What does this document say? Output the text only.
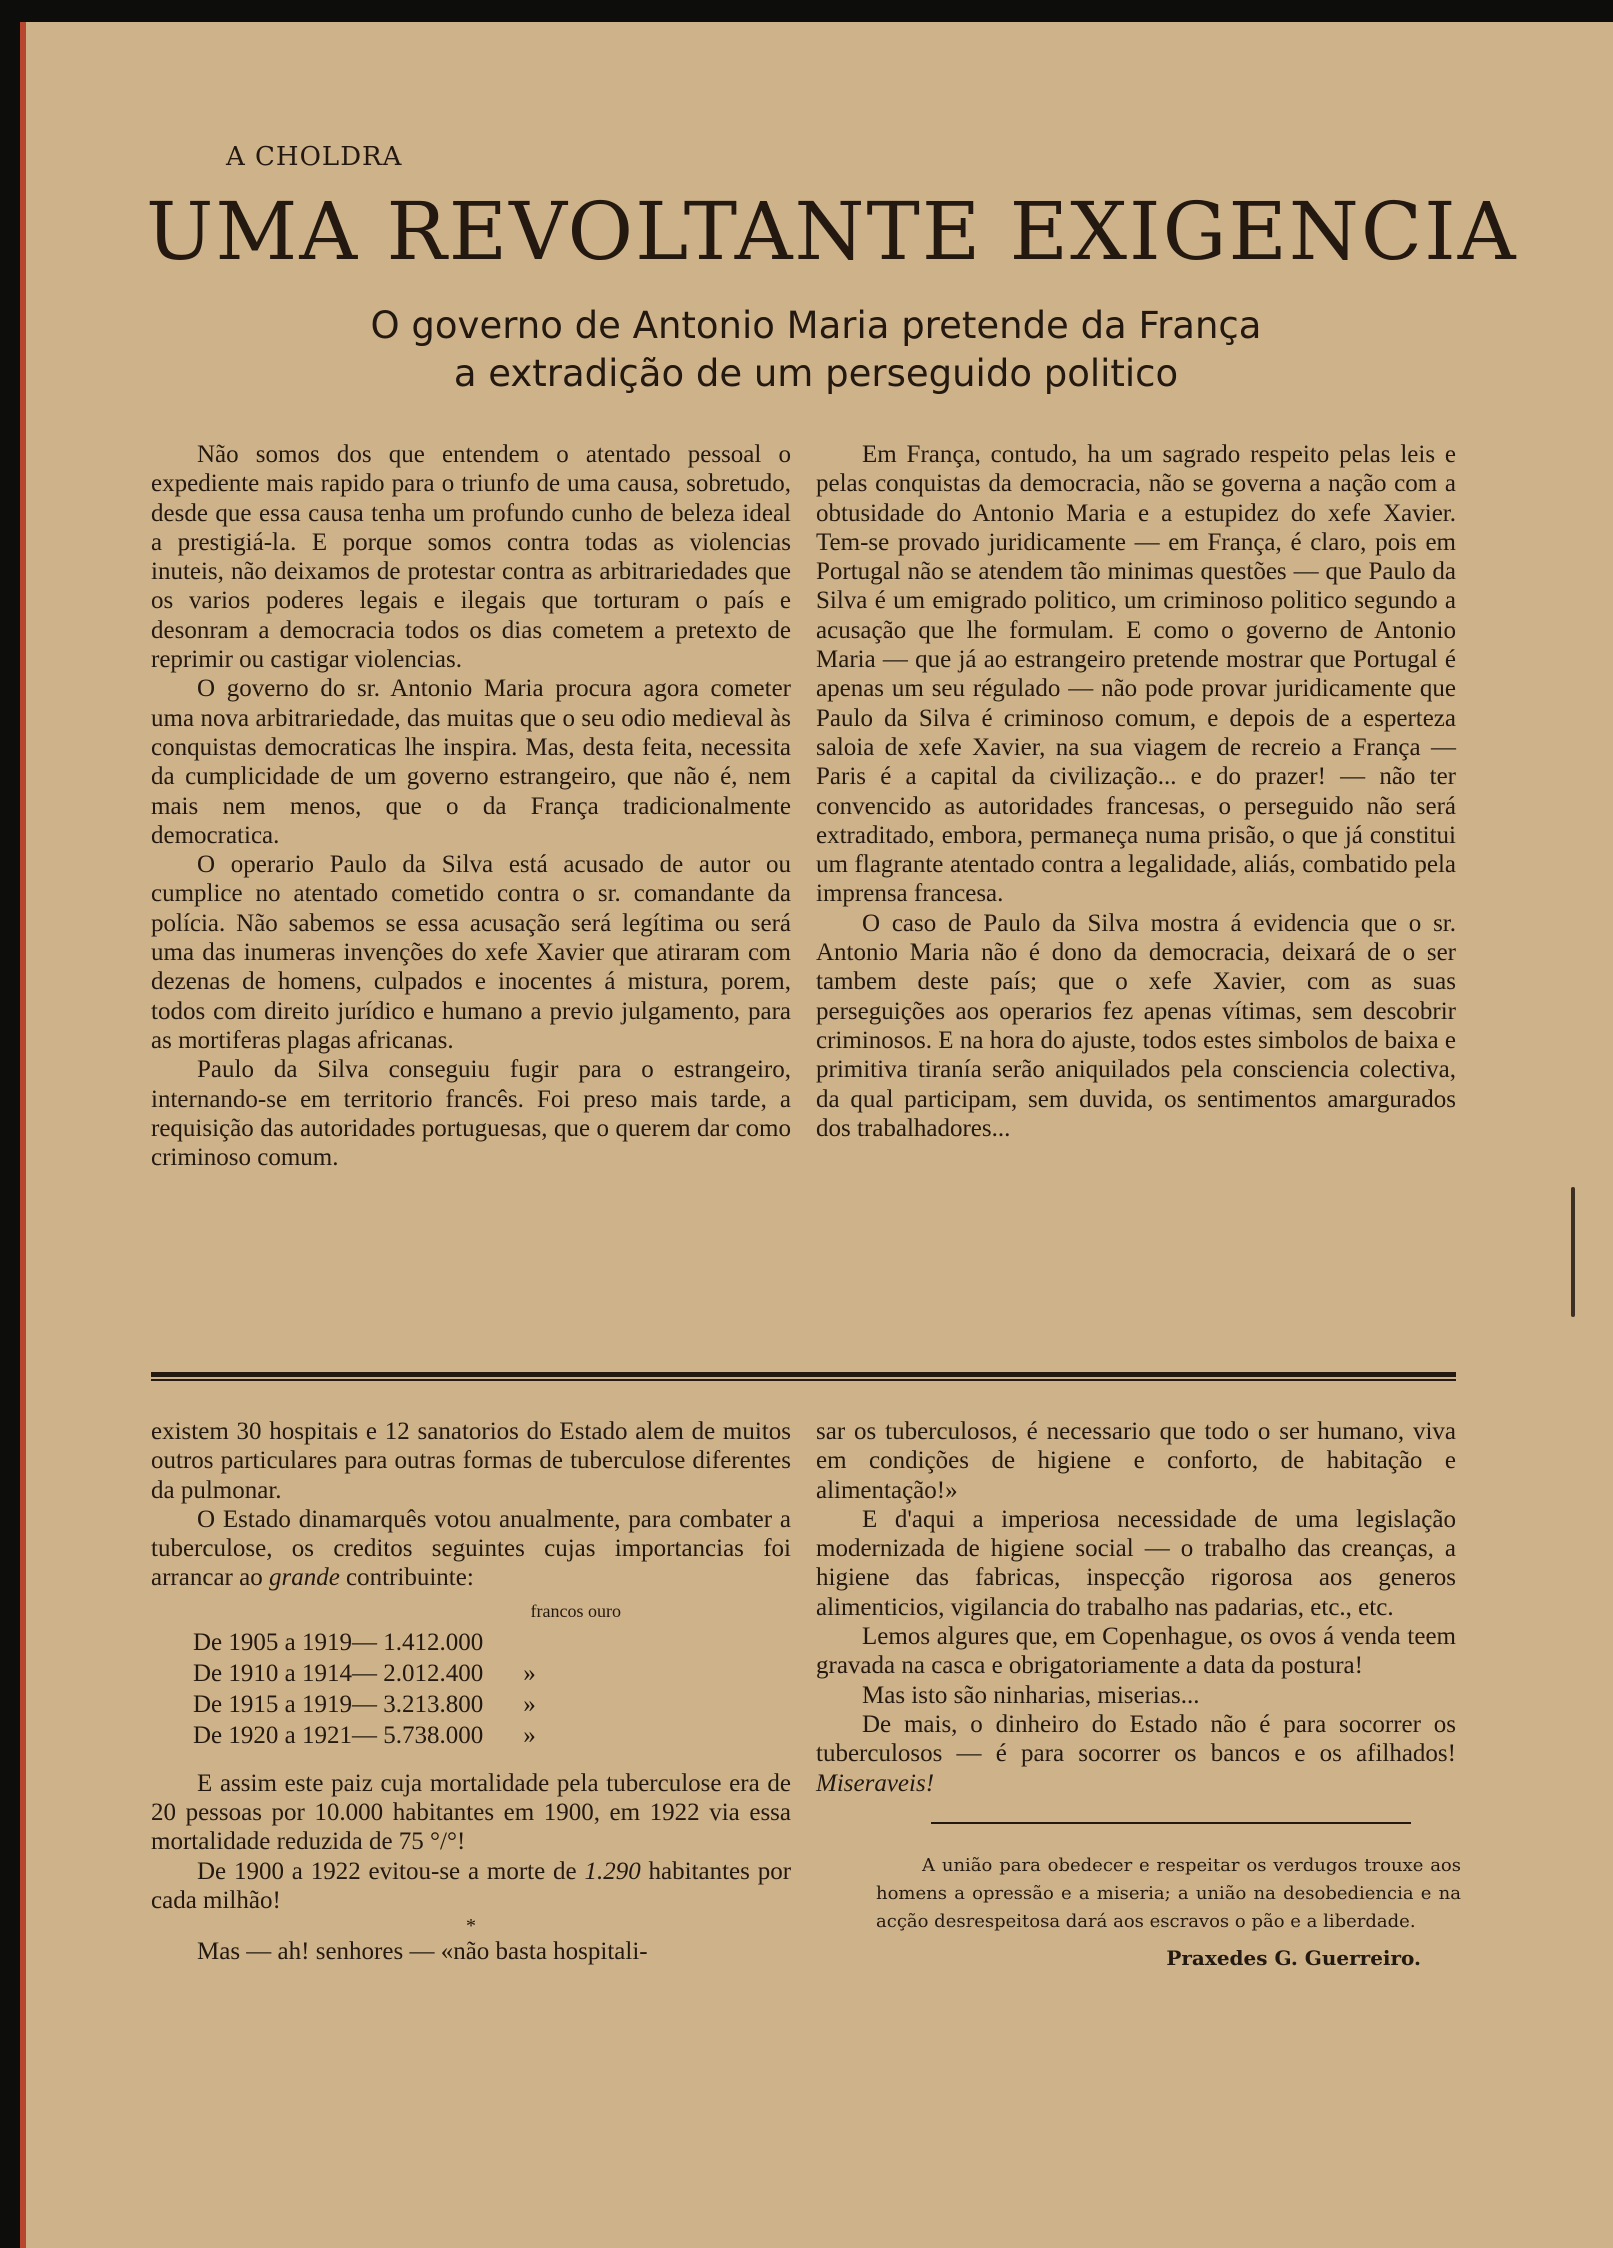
A CHOLDRA
UMA REVOLTANTE EXIGENCIA
O governo de Antonio Maria pretende da França
a extradição de um perseguido politico

Não somos dos que entendem o atentado pessoal o expediente mais rapido para o triunfo de uma causa, sobretudo, desde que essa causa tenha um profundo cunho de beleza ideal a prestigiá-la. E porque somos contra todas as violencias inuteis, não deixamos de protestar contra as arbitrariedades que os varios poderes legais e ilegais que torturam o país e desonram a democracia todos os dias cometem a pretexto de reprimir ou castigar violencias.

O governo do sr. Antonio Maria procura agora cometer uma nova arbitrariedade, das muitas que o seu odio medieval às conquistas democraticas lhe inspira. Mas, desta feita, necessita da cumplicidade de um governo estrangeiro, que não é, nem mais nem menos, que o da França tradicionalmente democratica.

O operario Paulo da Silva está acusado de autor ou cumplice no atentado cometido contra o sr. comandante da polícia. Não sabemos se essa acusação será legítima ou será uma das inumeras invenções do xefe Xavier que atiraram com dezenas de homens, culpados e inocentes á mistura, porem, todos com direito jurídico e humano a previo julgamento, para as mortiferas plagas africanas.

Paulo da Silva conseguiu fugir para o estrangeiro, internando-se em territorio francês. Foi preso mais tarde, a requisição das autoridades portuguesas, que o querem dar como criminoso comum.

Em França, contudo, ha um sagrado respeito pelas leis e pelas conquistas da democracia, não se governa a nação com a obtusidade do Antonio Maria e a estupidez do xefe Xavier. Tem-se provado juridicamente — em França, é claro, pois em Portugal não se atendem tão minimas questões — que Paulo da Silva é um emigrado politico, um criminoso politico segundo a acusação que lhe formulam. E como o governo de Antonio Maria — que já ao estrangeiro pretende mostrar que Portugal é apenas um seu régulado — não pode provar juridicamente que Paulo da Silva é criminoso comum, e depois de a esperteza saloia de xefe Xavier, na sua viagem de recreio a França — Paris é a capital da civilização... e do prazer! — não ter convencido as autoridades francesas, o perseguido não será extraditado, embora, permaneça numa prisão, o que já constitui um flagrante atentado contra a legalidade, aliás, combatido pela imprensa francesa.

O caso de Paulo da Silva mostra á evidencia que o sr. Antonio Maria não é dono da democracia, deixará de o ser tambem deste país; que o xefe Xavier, com as suas perseguições aos operarios fez apenas vítimas, sem descobrir criminosos. E na hora do ajuste, todos estes simbolos de baixa e primitiva tiranía serão aniquilados pela consciencia colectiva, da qual participam, sem duvida, os sentimentos amargurados dos trabalhadores...

existem 30 hospitais e 12 sanatorios do Estado alem de muitos outros particulares para outras formas de tuberculose diferentes da pulmonar.

O Estado dinamarquês votou anualmente, para combater a tuberculose, os creditos seguintes cujas importancias foi arrancar ao grande contribuinte:

francos ouro
De 1905 a 1919	— 1.412.000	
De 1910 a 1914	— 2.012.400	»
De 1915 a 1919	— 3.213.800	»
De 1920 a 1921	— 5.738.000	»

E assim este paiz cuja mortalidade pela tuberculose era de 20 pessoas por 10.000 habitantes em 1900, em 1922 via essa mortalidade reduzida de 75 °/°!

De 1900 a 1922 evitou-se a morte de 1.290 habitantes por cada milhão!

*

Mas — ah! senhores — «não basta hospitali-

sar os tuberculosos, é necessario que todo o ser humano, viva em condições de higiene e conforto, de habitação e alimentação!»

E d'aqui a imperiosa necessidade de uma legislação modernizada de higiene social — o trabalho das creanças, a higiene das fabricas, inspecção rigorosa aos generos alimenticios, vigilancia do trabalho nas padarias, etc., etc.

Lemos algures que, em Copenhague, os ovos á venda teem gravada na casca e obrigatoriamente a data da postura!

Mas isto são ninharias, miserias...

De mais, o dinheiro do Estado não é para socorrer os tuberculosos — é para socorrer os bancos e os afilhados! Miseraveis!

A união para obedecer e respeitar os verdugos trouxe aos homens a opressão e a miseria; a união na desobediencia e na acção desrespeitosa dará aos escravos o pão e a liberdade.

Praxedes G. Guerreiro.
